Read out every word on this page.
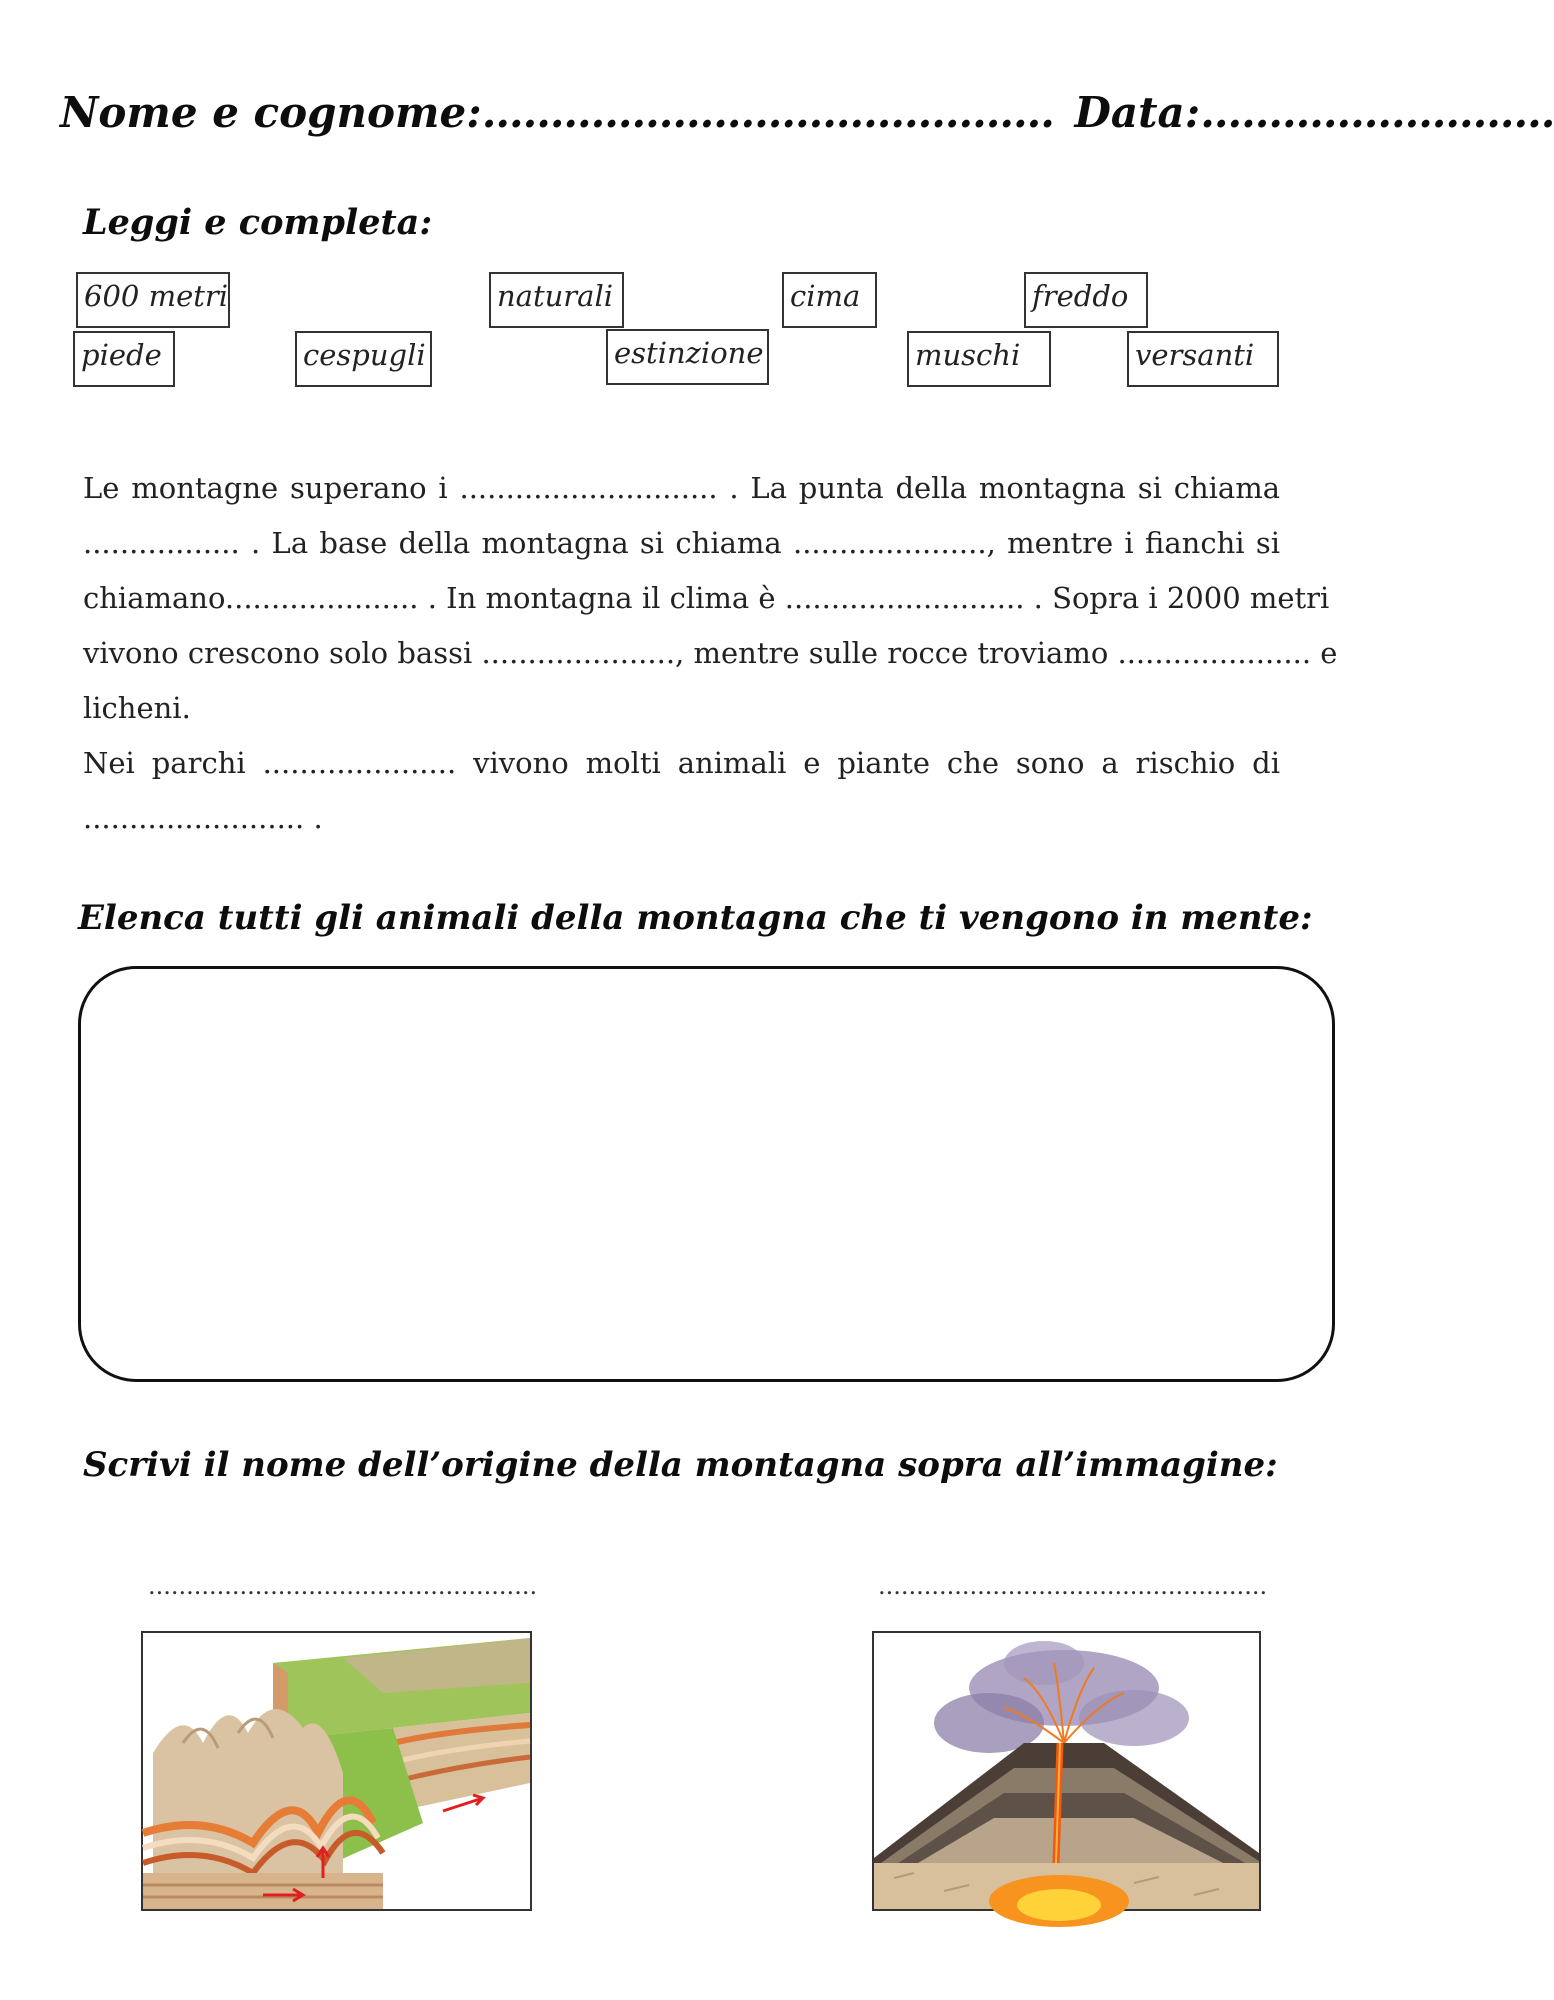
Nome e cognome:.......................................... Data:..........................
Leggi e completa:
600 metri	naturali	cima	freddo
piede	cespugli	estinzione	muschi	versanti
Le montagne superano i ............................ . La punta della montagna si chiama
................. . La base della montagna si chiama ....................., mentre i fianchi si
chiamano..................... . In montagna il clima è .......................... . Sopra i 2000 metri
vivono crescono solo bassi ....................., mentre sulle rocce troviamo ..................... e
licheni.
Nei parchi ..................... vivono molti animali e piante che sono a rischio di
........................ .
Elenca tutti gli animali della montagna che ti vengono in mente:
Scrivi il nome dell’origine della montagna sopra all’immagine:
...................................................	...................................................
